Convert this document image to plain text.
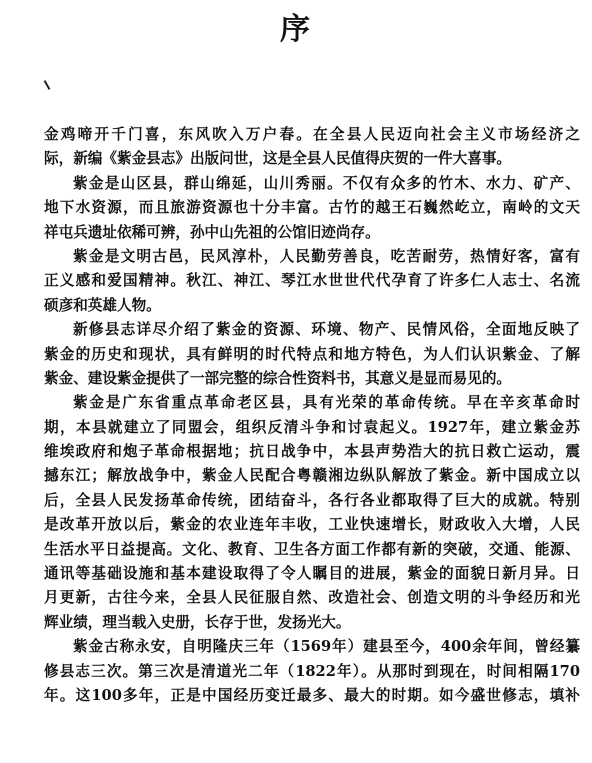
序
金鸡啼开千门喜，东风吹入万户春。在全县人民迈向社会主义市场经济之
际，新编《紫金县志》出版问世，这是全县人民值得庆贺的一件大喜事。
紫金是山区县，群山绵延，山川秀丽。不仅有众多的竹木、水力、矿产、
地下水资源，而且旅游资源也十分丰富。古竹的越王石巍然屹立，南岭的文天
祥屯兵遗址依稀可辨，孙中山先祖的公馆旧迹尚存。
紫金是文明古邑，民风淳朴，人民勤劳善良，吃苦耐劳，热情好客，富有
正义感和爱国精神。秋江、神江、琴江水世世代代孕育了许多仁人志士、名流
硕彦和英雄人物。
新修县志详尽介绍了紫金的资源、环境、物产、民情风俗，全面地反映了
紫金的历史和现状，具有鲜明的时代特点和地方特色，为人们认识紫金、了解
紫金、建设紫金提供了一部完整的综合性资料书，其意义是显而易见的。
紫金是广东省重点革命老区县，具有光荣的革命传统。早在辛亥革命时
期，本县就建立了同盟会，组织反清斗争和讨袁起义。1927年，建立紫金苏
维埃政府和炮子革命根据地；抗日战争中，本县声势浩大的抗日救亡运动，震
撼东江；解放战争中，紫金人民配合粤赣湘边纵队解放了紫金。新中国成立以
后，全县人民发扬革命传统，团结奋斗，各行各业都取得了巨大的成就。特别
是改革开放以后，紫金的农业连年丰收，工业快速增长，财政收入大增，人民
生活水平日益提高。文化、教育、卫生各方面工作都有新的突破，交通、能源、
通讯等基础设施和基本建设取得了令人瞩目的进展，紫金的面貌日新月异。日
月更新，古往今来，全县人民征服自然、改造社会、创造文明的斗争经历和光
辉业绩，理当载入史册，长存于世，发扬光大。
紫金古称永安，自明隆庆三年（1569年）建县至今，400余年间，曾经纂
修县志三次。第三次是清道光二年（1822年）。从那时到现在，时间相隔170
年。这100多年，正是中国经历变迁最多、最大的时期。如今盛世修志，填补
